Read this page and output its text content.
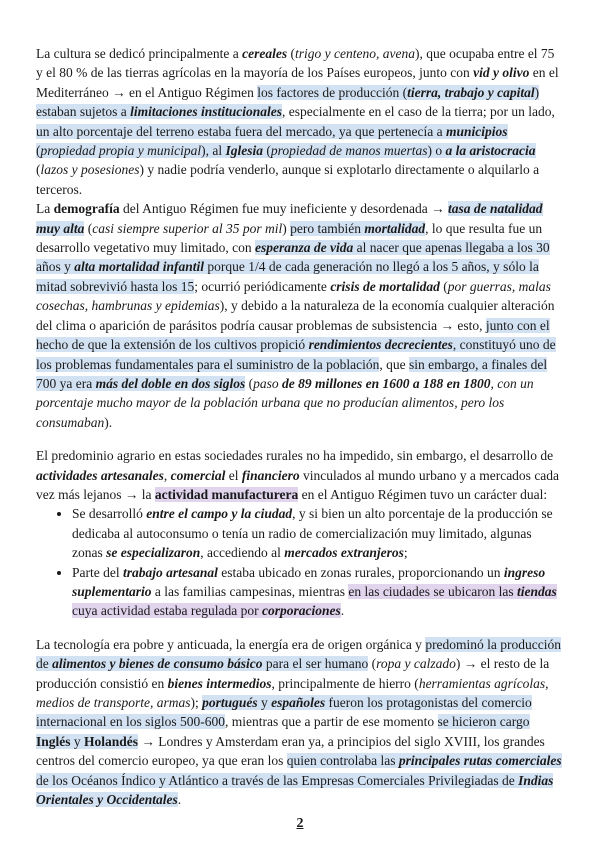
La cultura se dedicó principalmente a cereales (trigo y centeno, avena), que ocupaba entre el 75 y el 80 % de las tierras agrícolas en la mayoría de los Países europeos, junto con vid y olivo en el Mediterráneo → en el Antiguo Régimen los factores de producción (tierra, trabajo y capital) estaban sujetos a limitaciones institucionales, especialmente en el caso de la tierra; por un lado, un alto porcentaje del terreno estaba fuera del mercado, ya que pertenecía a municipios (propiedad propia y municipal), al Iglesia (propiedad de manos muertas) o a la aristocracia (lazos y posesiones) y nadie podría venderlo, aunque si explotarlo directamente o alquilarlo a terceros.

La demografía del Antiguo Régimen fue muy ineficiente y desordenada → tasa de natalidad muy alta (casi siempre superior al 35 por mil) pero también mortalidad, lo que resulta fue un desarrollo vegetativo muy limitado, con esperanza de vida al nacer que apenas llegaba a los 30 años y alta mortalidad infantil porque 1/4 de cada generación no llegó a los 5 años, y sólo la mitad sobrevivió hasta los 15; ocurrió periódicamente crisis de mortalidad (por guerras, malas cosechas, hambrunas y epidemias), y debido a la naturaleza de la economía cualquier alteración del clima o aparición de parásitos podría causar problemas de subsistencia → esto, junto con el hecho de que la extensión de los cultivos propició rendimientos decrecientes, constituyó uno de los problemas fundamentales para el suministro de la población, que sin embargo, a finales del 700 ya era más del doble en dos siglos (paso de 89 millones en 1600 a 188 en 1800, con un porcentaje mucho mayor de la población urbana que no producían alimentos, pero los consumaban).

El predominio agrario en estas sociedades rurales no ha impedido, sin embargo, el desarrollo de actividades artesanales, comercial el financiero vinculados al mundo urbano y a mercados cada vez más lejanos → la actividad manufacturera en el Antiguo Régimen tuvo un carácter dual:

• Se desarrolló entre el campo y la ciudad, y si bien un alto porcentaje de la producción se dedicaba al autoconsumo o tenía un radio de comercialización muy limitado, algunas zonas se especializaron, accediendo al mercados extranjeros;
• Parte del trabajo artesanal estaba ubicado en zonas rurales, proporcionando un ingreso suplementario a las familias campesinas, mientras en las ciudades se ubicaron las tiendas cuya actividad estaba regulada por corporaciones.

La tecnología era pobre y anticuada, la energía era de origen orgánica y predominó la producción de alimentos y bienes de consumo básico para el ser humano (ropa y calzado) → el resto de la producción consistió en bienes intermedios, principalmente de hierro (herramientas agrícolas, medios de transporte, armas); portugués y españoles fueron los protagonistas del comercio internacional en los siglos 500-600, mientras que a partir de ese momento se hicieron cargo Inglés y Holandés → Londres y Amsterdam eran ya, a principios del siglo XVIII, los grandes centros del comercio europeo, ya que eran los quien controlaba las principales rutas comerciales de los Océanos Índico y Atlántico a través de las Empresas Comerciales Privilegiadas de Indias Orientales y Occidentales.

2
